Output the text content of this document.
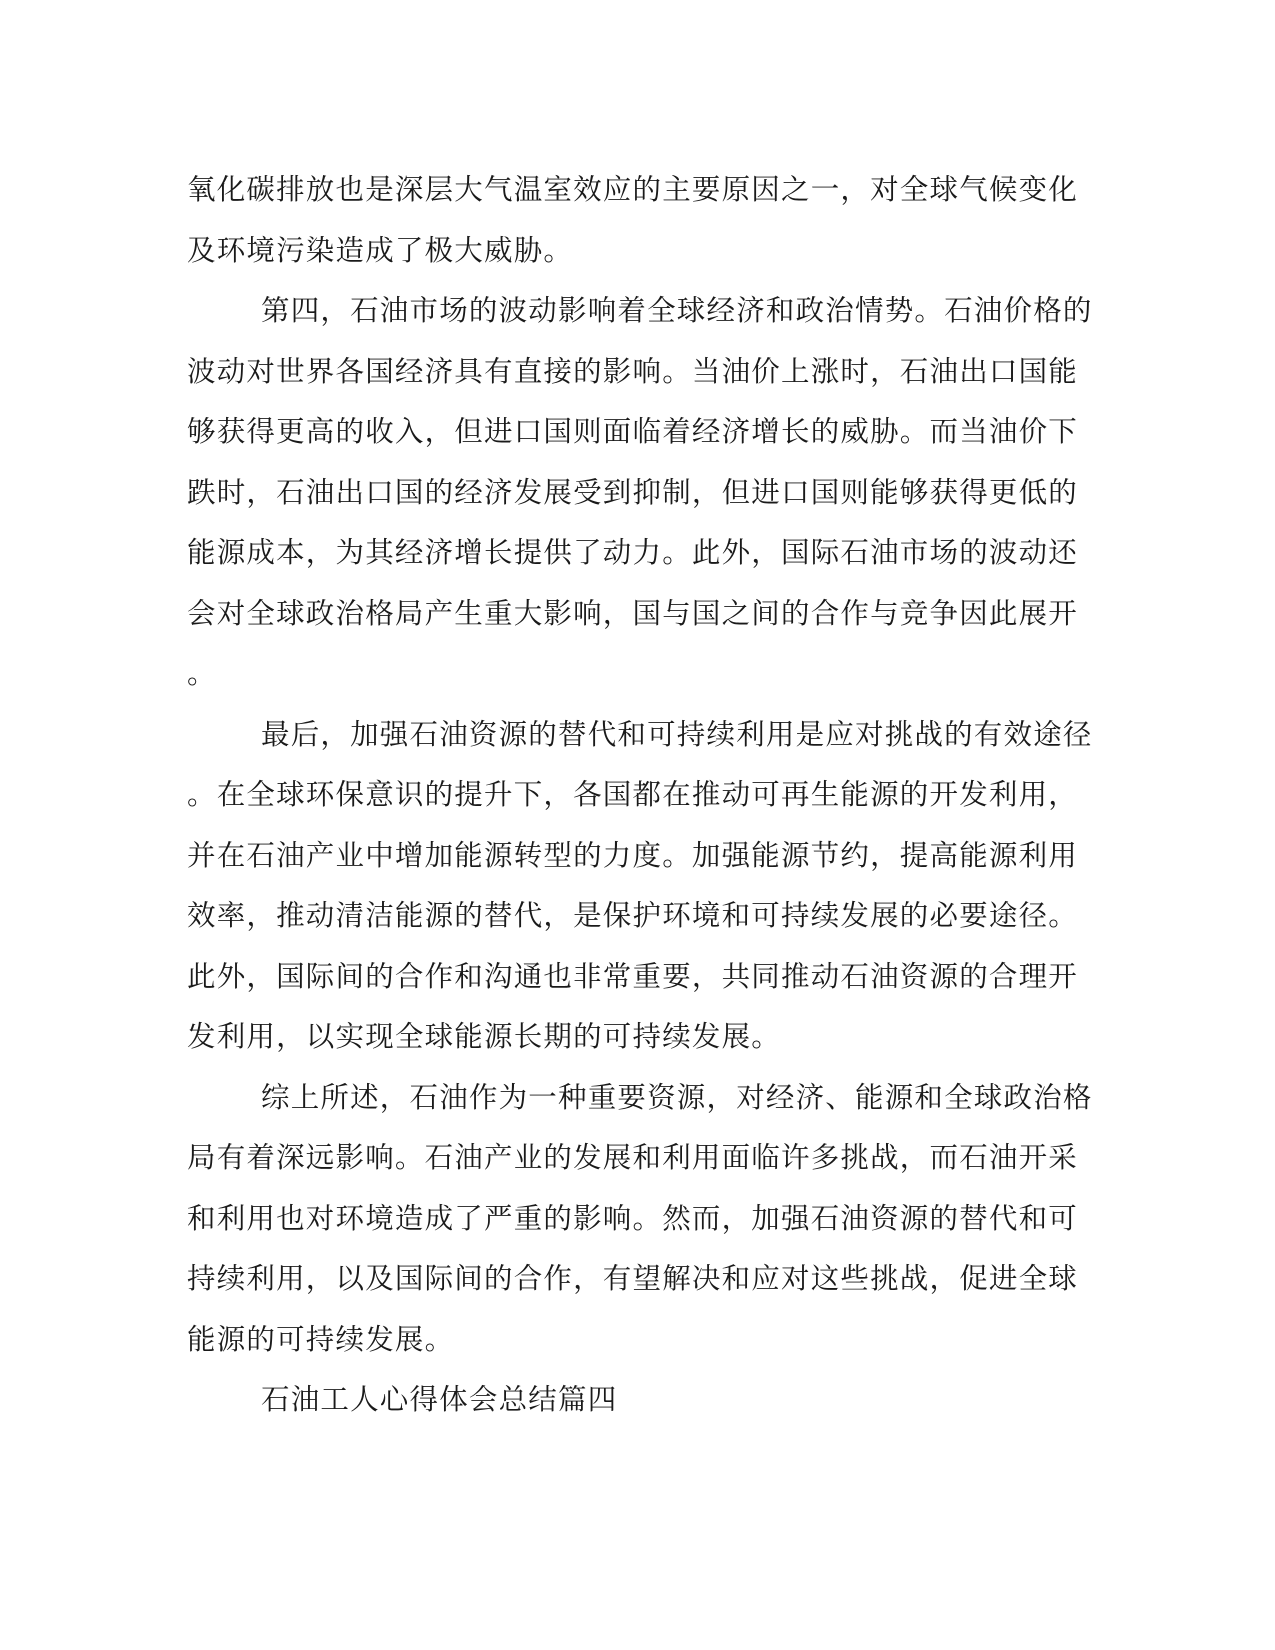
氧化碳排放也是深层大气温室效应的主要原因之一，对全球气候变化
及环境污染造成了极大威胁。
第四，石油市场的波动影响着全球经济和政治情势。石油价格的
波动对世界各国经济具有直接的影响。当油价上涨时，石油出口国能
够获得更高的收入，但进口国则面临着经济增长的威胁。而当油价下
跌时，石油出口国的经济发展受到抑制，但进口国则能够获得更低的
能源成本，为其经济增长提供了动力。此外，国际石油市场的波动还
会对全球政治格局产生重大影响，国与国之间的合作与竞争因此展开
。
最后，加强石油资源的替代和可持续利用是应对挑战的有效途径
。在全球环保意识的提升下，各国都在推动可再生能源的开发利用，
并在石油产业中增加能源转型的力度。加强能源节约，提高能源利用
效率，推动清洁能源的替代，是保护环境和可持续发展的必要途径。
此外，国际间的合作和沟通也非常重要，共同推动石油资源的合理开
发利用，以实现全球能源长期的可持续发展。
综上所述，石油作为一种重要资源，对经济、能源和全球政治格
局有着深远影响。石油产业的发展和利用面临许多挑战，而石油开采
和利用也对环境造成了严重的影响。然而，加强石油资源的替代和可
持续利用，以及国际间的合作，有望解决和应对这些挑战，促进全球
能源的可持续发展。
石油工人心得体会总结篇四
